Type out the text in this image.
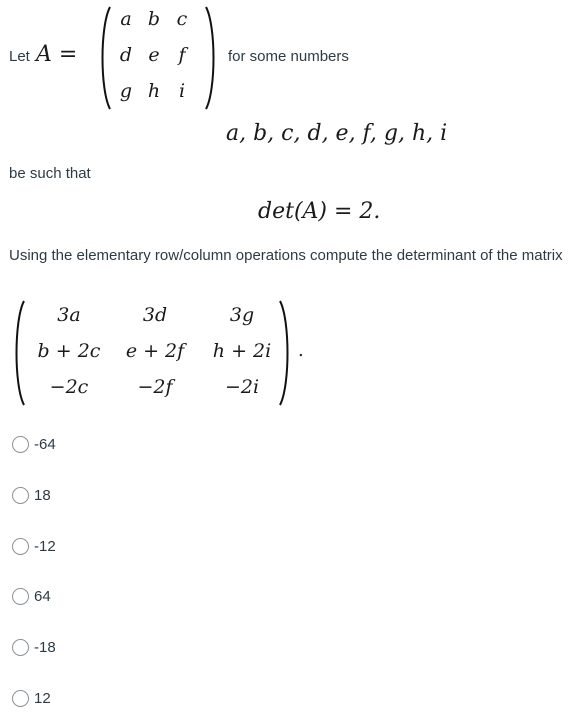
Let A =
a b c
d e f
g h i
for some numbers
a, b, c, d, e, f, g, h, i
be such that
det(A) = 2.
Using the elementary row/column operations compute the determinant of the matrix
3a	3d	3g
b + 2c	e + 2f	h + 2i
−2c	−2f	−2i
.
-64
18
-12
64
-18
12
